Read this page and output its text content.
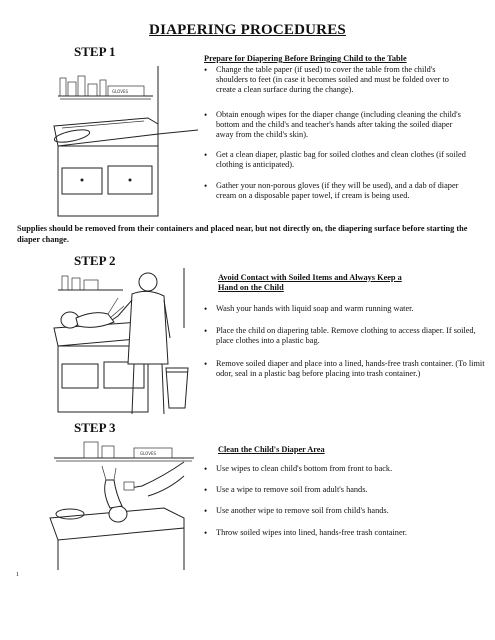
DIAPERING PROCEDURES
STEP 1
GLOVES
Prepare for Diapering Before Bringing Child to the Table
• Change the table paper (if used) to cover the table from the child's shoulders to feet (in case it becomes soiled and must be folded over to create a clean surface during the change).
• Obtain enough wipes for the diaper change (including cleaning the child's bottom and the child's and teacher's hands after taking the soiled diaper away from the child's skin).
• Get a clean diaper, plastic bag for soiled clothes and clean clothes (if soiled clothing is anticipated).
• Gather your non-porous gloves (if they will be used), and a dab of diaper cream on a disposable paper towel, if cream is being used.
Supplies should be removed from their containers and placed near, but not directly on, the diapering surface before starting the diaper change.
STEP 2
Avoid Contact with Soiled Items and Always Keep a Hand on the Child
• Wash your hands with liquid soap and warm running water.
• Place the child on diapering table. Remove clothing to access diaper. If soiled, place clothes into a plastic bag.
• Remove soiled diaper and place into a lined, hands-free trash container. (To limit odor, seal in a plastic bag before placing into trash container.)
STEP 3
GLOVES	Clean the Child's Diaper Area
• Use wipes to clean child's bottom from front to back.
• Use a wipe to remove soil from adult's hands.
• Use another wipe to remove soil from child's hands.
• Throw soiled wipes into lined, hands-free trash container.
1
